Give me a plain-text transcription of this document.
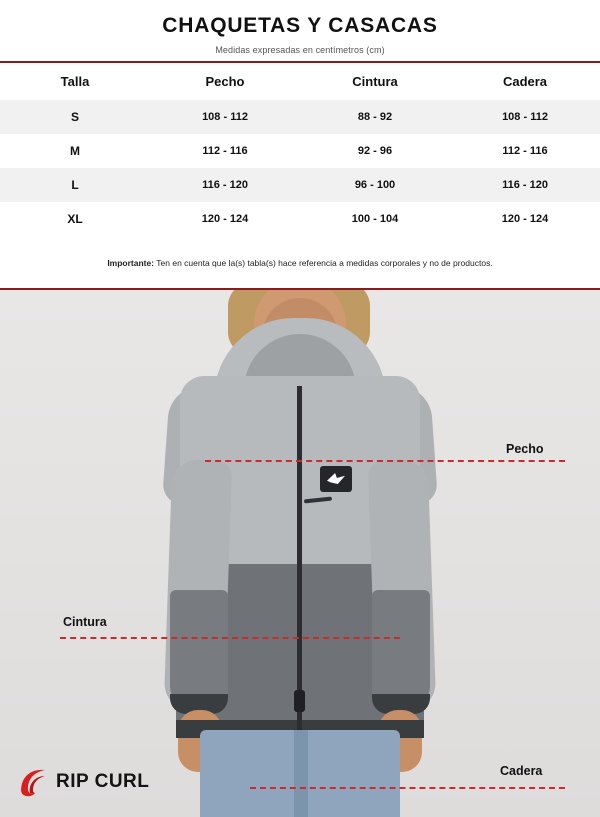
CHAQUETAS Y CASACAS
Medidas expresadas en centímetros (cm)
Talla	Pecho	Cintura	Cadera
S	108 - 112	88 - 92	108 - 112
M	112 - 116	92 - 96	112 - 116
L	116 - 120	96 - 100	116 - 120
XL	120 - 124	100 - 104	120 - 124
Importante: Ten en cuenta que la(s) tabla(s) hace referencia a medidas corporales y no de productos.
Pecho
Cintura
Cadera
RIP CURL
